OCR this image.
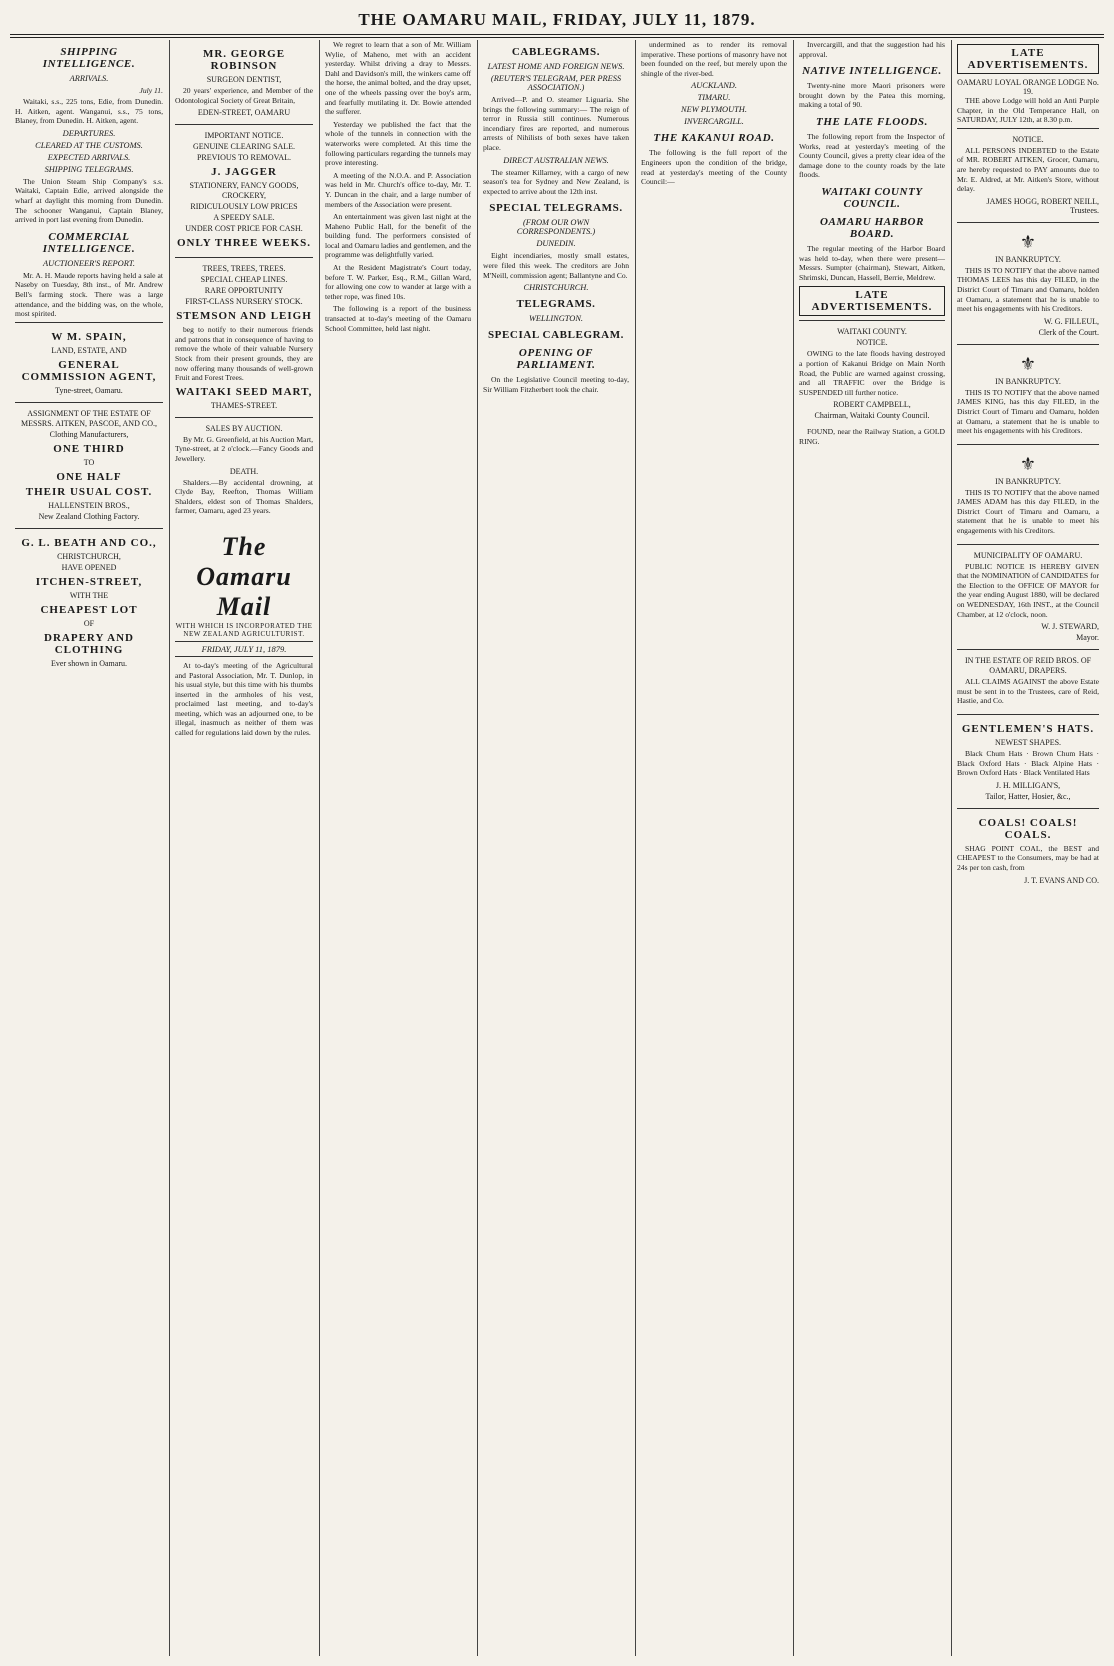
THE OAMARU MAIL, FRIDAY, JULY 11, 1879.
SHIPPING INTELLIGENCE.
ARRIVALS.
July 11.

Waitaki, s.s., 225 tons, Edie, from Dunedin. H. Aitken, agent. Wanganui, s.s., 75 tons, Blaney, from Dunedin. H. Aitken, agent.

DEPARTURES.
CLEARED AT THE CUSTOMS.
EXPECTED ARRIVALS.
SHIPPING TELEGRAMS.

The Union Steam Ship Company's s.s. Waitaki, Captain Edie, arrived alongside the wharf at daylight this morning from Dunedin. The schooner Wanganui, Captain Blaney, arrived in port last evening from Dunedin.

COMMERCIAL INTELLIGENCE.
AUCTIONEER'S REPORT.

Mr. A. H. Maude reports having held a sale at Naseby on Tuesday, 8th inst., of Mr. Andrew Bell's farming stock. There was a large attendance, and the bidding was, on the whole, most spirited.

W M. SPAIN,
LAND, ESTATE, AND
GENERAL COMMISSION AGENT,
Tyne-street, Oamaru.
ASSIGNMENT OF THE ESTATE OF MESSRS. AITKEN, PASCOE, AND CO.,
Clothing Manufacturers,
ONE THIRD
TO
ONE HALF
THEIR USUAL COST.
HALLENSTEIN BROS.,
New Zealand Clothing Factory.
G. L. BEATH AND CO.,
CHRISTCHURCH,
HAVE OPENED
ITCHEN-STREET,
WITH THE
CHEAPEST LOT
OF
DRAPERY AND CLOTHING
Ever shown in Oamaru.
MR. GEORGE ROBINSON
SURGEON DENTIST,

20 years' experience, and Member of the Odontological Society of Great Britain,

EDEN-STREET, OAMARU
IMPORTANT NOTICE.
GENUINE CLEARING SALE.
PREVIOUS TO REMOVAL.
J. JAGGER
STATIONERY, FANCY GOODS, CROCKERY,
RIDICULOUSLY LOW PRICES
A SPEEDY SALE.
UNDER COST PRICE FOR CASH.
ONLY THREE WEEKS.
TREES, TREES, TREES.
SPECIAL CHEAP LINES.
RARE OPPORTUNITY
FIRST-CLASS NURSERY STOCK.
STEMSON AND LEIGH

beg to notify to their numerous friends and patrons that in consequence of having to remove the whole of their valuable Nursery Stock from their present grounds, they are now offering many thousands of well-grown Fruit and Forest Trees.

WAITAKI SEED MART,
THAMES-STREET.
SALES BY AUCTION.

By Mr. G. Greenfield, at his Auction Mart, Tyne-street, at 2 o'clock.—Fancy Goods and Jewellery.

DEATH.

Shalders.—By accidental drowning, at Clyde Bay, Reefton, Thomas William Shalders, eldest son of Thomas Shalders, farmer, Oamaru, aged 23 years.

The Oamaru Mail
WITH WHICH IS INCORPORATED THE NEW ZEALAND AGRICULTURIST.
FRIDAY, JULY 11, 1879.

At to-day's meeting of the Agricultural and Pastoral Association, Mr. T. Dunlop, in his usual style, but this time with his thumbs inserted in the armholes of his vest, proclaimed last meeting, and to-day's meeting, which was an adjourned one, to be illegal, inasmuch as neither of them was called for regulations laid down by the rules.

We regret to learn that a son of Mr. William Wylie, of Maheno, met with an accident yesterday. Whilst driving a dray to Messrs. Dahl and Davidson's mill, the winkers came off the horse, the animal bolted, and the dray upset, one of the wheels passing over the boy's arm, and fearfully mutilating it. Dr. Bowie attended the sufferer.

Yesterday we published the fact that the whole of the tunnels in connection with the waterworks were completed. At this time the following particulars regarding the tunnels may prove interesting.

A meeting of the N.O.A. and P. Association was held in Mr. Church's office to-day, Mr. T. Y. Duncan in the chair, and a large number of members of the Association were present.

An entertainment was given last night at the Maheno Public Hall, for the benefit of the building fund. The performers consisted of local and Oamaru ladies and gentlemen, and the programme was delightfully varied.

At the Resident Magistrate's Court today, before T. W. Parker, Esq., R.M., Gillan Ward, for allowing one cow to wander at large with a tether rope, was fined 10s.

The following is a report of the business transacted at to-day's meeting of the Oamaru School Committee, held last night.

CABLEGRAMS.
LATEST HOME AND FOREIGN NEWS.
(REUTER'S TELEGRAM, PER PRESS ASSOCIATION.)

Arrived—P. and O. steamer Liguaria. She brings the following summary:— The reign of terror in Russia still continues. Numerous incendiary fires are reported, and numerous arrests of Nihilists of both sexes have taken place.

DIRECT AUSTRALIAN NEWS.

The steamer Killarney, with a cargo of new season's tea for Sydney and New Zealand, is expected to arrive about the 12th inst.

SPECIAL TELEGRAMS.
(FROM OUR OWN CORRESPONDENTS.)
DUNEDIN.

Eight incendiaries, mostly small estates, were filed this week. The creditors are John M'Neill, commission agent; Ballantyne and Co.

CHRISTCHURCH.
TELEGRAMS.
WELLINGTON.
SPECIAL CABLEGRAM.
OPENING OF PARLIAMENT.

On the Legislative Council meeting to-day, Sir William Fitzherbert took the chair.

undermined as to render its removal imperative. These portions of masonry have not been founded on the reef, but merely upon the shingle of the river-bed.

AUCKLAND.
TIMARU.
NEW PLYMOUTH.
INVERCARGILL.
THE KAKANUI ROAD.

The following is the full report of the Engineers upon the condition of the bridge, read at yesterday's meeting of the County Council:—

Invercargill, and that the suggestion had his approval.

NATIVE INTELLIGENCE.

Twenty-nine more Maori prisoners were brought down by the Patea this morning, making a total of 90.

THE LATE FLOODS.

The following report from the Inspector of Works, read at yesterday's meeting of the County Council, gives a pretty clear idea of the damage done to the county roads by the late floods.

WAITAKI COUNTY COUNCIL.
OAMARU HARBOR BOARD.

The regular meeting of the Harbor Board was held to-day, when there were present—Messrs. Sumpter (chairman), Stewart, Aitken, Shrimski, Duncan, Hassell, Berrie, Meldrew.

LATE ADVERTISEMENTS.
WAITAKI COUNTY.
NOTICE.

OWING to the late floods having destroyed a portion of Kakanui Bridge on Main North Road, the Public are warned against crossing, and all TRAFFIC over the Bridge is SUSPENDED till further notice.

ROBERT CAMPBELL,
Chairman, Waitaki County Council.

FOUND, near the Railway Station, a GOLD RING.

LATE ADVERTISEMENTS.
OAMARU LOYAL ORANGE LODGE No. 19.

THE above Lodge will hold an Anti Purple Chapter, in the Old Temperance Hall, on SATURDAY, JULY 12th, at 8.30 p.m.

NOTICE.

ALL PERSONS INDEBTED to the Estate of MR. ROBERT AITKEN, Grocer, Oamaru, are hereby requested to PAY amounts due to Mr. E. Aldred, at Mr. Aitken's Store, without delay.

JAMES HOGG, ROBERT NEILL, Trustees.
⚜
IN BANKRUPTCY.

THIS IS TO NOTIFY that the above named THOMAS LEES has this day FILED, in the District Court of Timaru and Oamaru, holden at Oamaru, a statement that he is unable to meet his engagements with his Creditors.

W. G. FILLEUL,
Clerk of the Court.
⚜
IN BANKRUPTCY.

THIS IS TO NOTIFY that the above named JAMES KING, has this day FILED, in the District Court of Timaru and Oamaru, holden at Oamaru, a statement that he is unable to meet his engagements with his Creditors.

⚜
IN BANKRUPTCY.

THIS IS TO NOTIFY that the above named JAMES ADAM has this day FILED, in the District Court of Timaru and Oamaru, a statement that he is unable to meet his engagements with his Creditors.

MUNICIPALITY OF OAMARU.

PUBLIC NOTICE IS HEREBY GIVEN that the NOMINATION of CANDIDATES for the Election to the OFFICE OF MAYOR for the year ending August 1880, will be declared on WEDNESDAY, 16th INST., at the Council Chamber, at 12 o'clock, noon.

W. J. STEWARD,
Mayor.
IN THE ESTATE OF REID BROS. OF OAMARU, DRAPERS.

ALL CLAIMS AGAINST the above Estate must be sent in to the Trustees, care of Reid, Hastie, and Co.

GENTLEMEN'S HATS.
NEWEST SHAPES.

Black Chum Hats · Brown Chum Hats · Black Oxford Hats · Black Alpine Hats · Brown Oxford Hats · Black Ventilated Hats

J. H. MILLIGAN'S,
Tailor, Hatter, Hosier, &c.,
COALS! COALS! COALS.

SHAG POINT COAL, the BEST and CHEAPEST to the Consumers, may be had at 24s per ton cash, from

J. T. EVANS AND CO.
